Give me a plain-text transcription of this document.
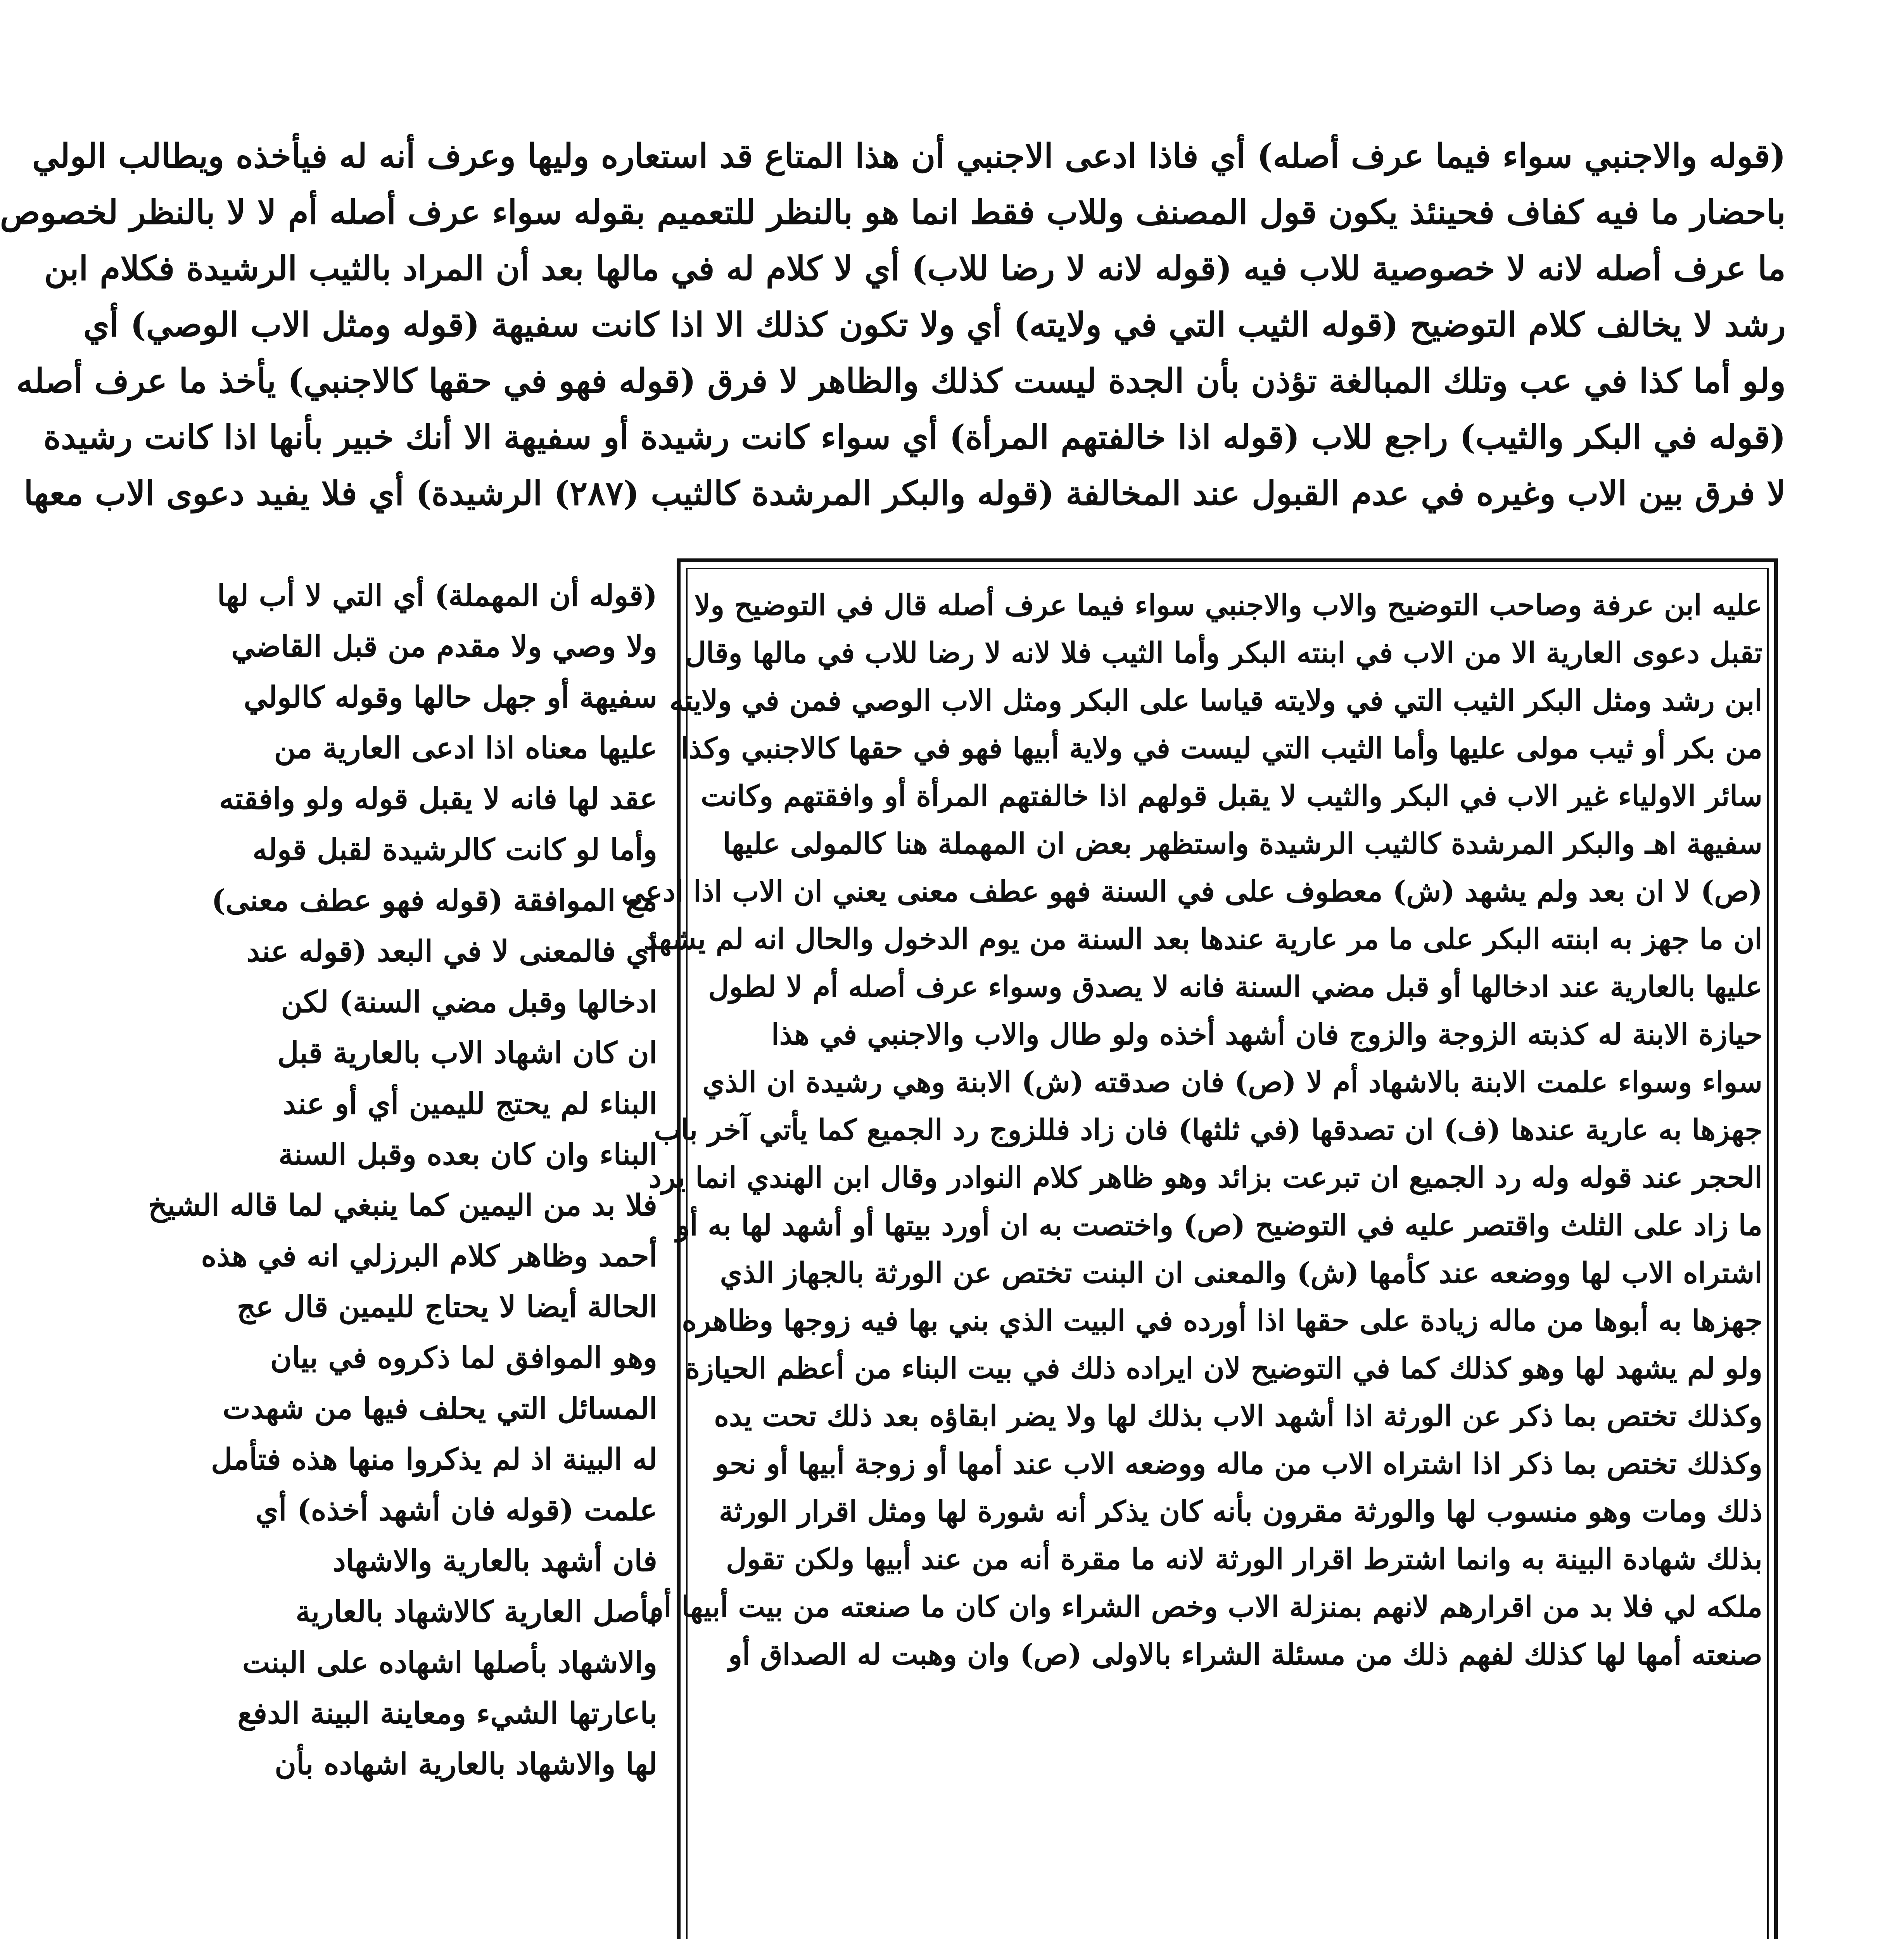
(قوله والاجنبي سواء فيما عرف أصله) أي فاذا ادعى الاجنبي أن هذا المتاع قد استعاره وليها وعرف أنه له فيأخذه ويطالب الولي
باحضار ما فيه كفاف فحينئذ يكون قول المصنف وللاب فقط انما هو بالنظر للتعميم بقوله سواء عرف أصله أم لا لا بالنظر لخصوص
ما عرف أصله لانه لا خصوصية للاب فيه (قوله لانه لا رضا للاب) أي لا كلام له في مالها بعد أن المراد بالثيب الرشيدة فكلام ابن
رشد لا يخالف كلام التوضيح (قوله الثيب التي في ولايته) أي ولا تكون كذلك الا اذا كانت سفيهة (قوله ومثل الاب الوصي) أي
ولو أما كذا في عب وتلك المبالغة تؤذن بأن الجدة ليست كذلك والظاهر لا فرق (قوله فهو في حقها كالاجنبي) يأخذ ما عرف أصله
(قوله في البكر والثيب) راجع للاب (قوله اذا خالفتهم المرأة) أي سواء كانت رشيدة أو سفيهة الا أنك خبير بأنها اذا كانت رشيدة
لا فرق بين الاب وغيره في عدم القبول عند المخالفة (قوله والبكر المرشدة كالثيب (٢٨٧) الرشيدة) أي فلا يفيد دعوى الاب معها
عليه ابن عرفة وصاحب التوضيح والاب والاجنبي سواء فيما عرف أصله قال في التوضيح ولا
تقبل دعوى العارية الا من الاب في ابنته البكر وأما الثيب فلا لانه لا رضا للاب في مالها وقال
ابن رشد ومثل البكر الثيب التي في ولايته قياسا على البكر ومثل الاب الوصي فمن في ولايته
من بكر أو ثيب مولى عليها وأما الثيب التي ليست في ولاية أبيها فهو في حقها كالاجنبي وكذا
سائر الاولياء غير الاب في البكر والثيب لا يقبل قولهم اذا خالفتهم المرأة أو وافقتهم وكانت
سفيهة اهـ والبكر المرشدة كالثيب الرشيدة واستظهر بعض ان المهملة هنا كالمولى عليها
(ص) لا ان بعد ولم يشهد (ش) معطوف على في السنة فهو عطف معنى يعني ان الاب اذا ادعى
ان ما جهز به ابنته البكر على ما مر عارية عندها بعد السنة من يوم الدخول والحال انه لم يشهد
عليها بالعارية عند ادخالها أو قبل مضي السنة فانه لا يصدق وسواء عرف أصله أم لا لطول
حيازة الابنة له كذبته الزوجة والزوج فان أشهد أخذه ولو طال والاب والاجنبي في هذا
سواء وسواء علمت الابنة بالاشهاد أم لا (ص) فان صدقته (ش) الابنة وهي رشيدة ان الذي
جهزها به عارية عندها (ف) ان تصدقها (في ثلثها) فان زاد فللزوج رد الجميع كما يأتي آخر باب
الحجر عند قوله وله رد الجميع ان تبرعت بزائد وهو ظاهر كلام النوادر وقال ابن الهندي انما يرد
ما زاد على الثلث واقتصر عليه في التوضيح (ص) واختصت به ان أورد بيتها أو أشهد لها به أو
اشتراه الاب لها ووضعه عند كأمها (ش) والمعنى ان البنت تختص عن الورثة بالجهاز الذي
جهزها به أبوها من ماله زيادة على حقها اذا أورده في البيت الذي بني بها فيه زوجها وظاهره
ولو لم يشهد لها وهو كذلك كما في التوضيح لان ايراده ذلك في بيت البناء من أعظم الحيازة
وكذلك تختص بما ذكر عن الورثة اذا أشهد الاب بذلك لها ولا يضر ابقاؤه بعد ذلك تحت يده
وكذلك تختص بما ذكر اذا اشتراه الاب من ماله ووضعه الاب عند أمها أو زوجة أبيها أو نحو
ذلك ومات وهو منسوب لها والورثة مقرون بأنه كان يذكر أنه شورة لها ومثل اقرار الورثة
بذلك شهادة البينة به وانما اشترط اقرار الورثة لانه ما مقرة أنه من عند أبيها ولكن تقول
ملكه لي فلا بد من اقرارهم لانهم بمنزلة الاب وخص الشراء وان كان ما صنعته من بيت أبيها أو
صنعته أمها لها كذلك لفهم ذلك من مسئلة الشراء بالاولى (ص) وان وهبت له الصداق أو
(قوله أن المهملة) أي التي لا أب لها
ولا وصي ولا مقدم من قبل القاضي
سفيهة أو جهل حالها وقوله كالولي
عليها معناه اذا ادعى العارية من
عقد لها فانه لا يقبل قوله ولو وافقته
وأما لو كانت كالرشيدة لقبل قوله
مع الموافقة (قوله فهو عطف معنى)
أي فالمعنى لا في البعد (قوله عند
ادخالها وقبل مضي السنة) لكن
ان كان اشهاد الاب بالعارية قبل
البناء لم يحتج لليمين أي أو عند
البناء وان كان بعده وقبل السنة
فلا بد من اليمين كما ينبغي لما قاله الشيخ
أحمد وظاهر كلام البرزلي انه في هذه
الحالة أيضا لا يحتاج لليمين قال عج
وهو الموافق لما ذكروه في بيان
المسائل التي يحلف فيها من شهدت
له البينة اذ لم يذكروا منها هذه فتأمل
علمت (قوله فان أشهد أخذه) أي
فان أشهد بالعارية والاشهاد
بأصل العارية كالاشهاد بالعارية
والاشهاد بأصلها اشهاده على البنت
باعارتها الشيء ومعاينة البينة الدفع
لها والاشهاد بالعارية اشهاده بأن
